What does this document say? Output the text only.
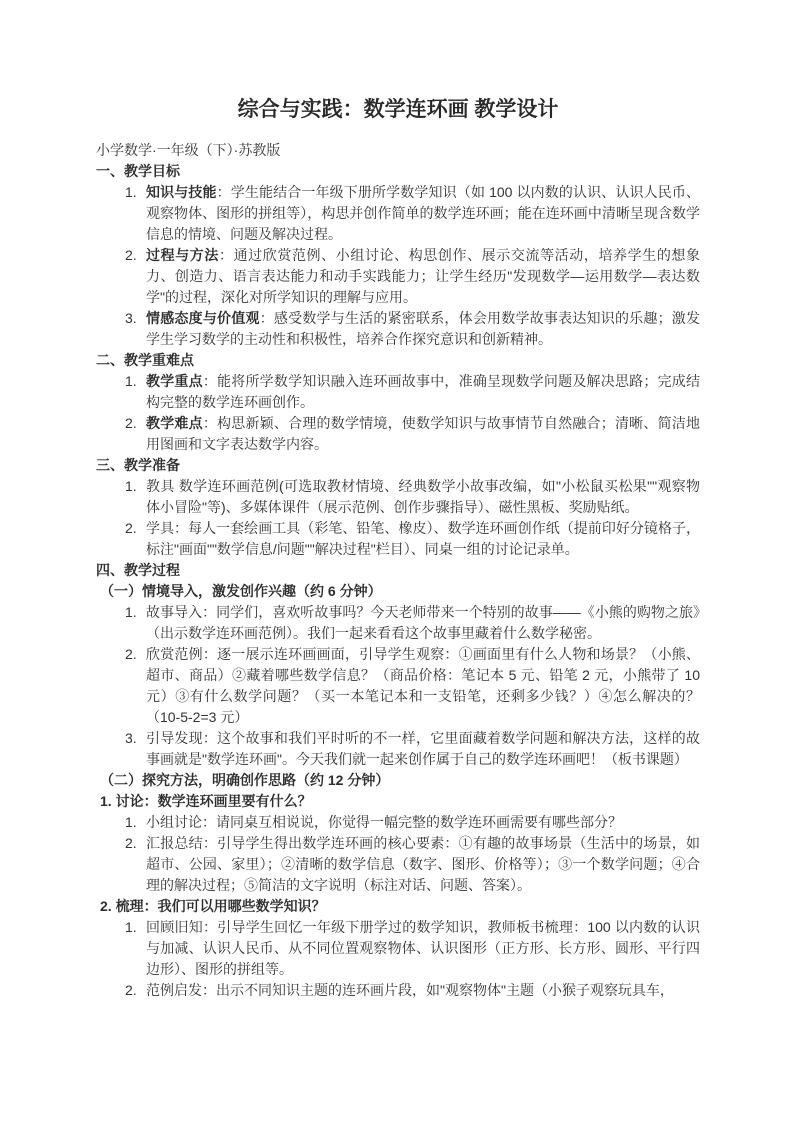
综合与实践：数学连环画 教学设计

小学数学·一年级（下）·苏教版

一、教学目标
1. 知识与技能：学生能结合一年级下册所学数学知识（如 100 以内数的认识、认识人民币、观察物体、图形的拼组等），构思并创作简单的数学连环画；能在连环画中清晰呈现含数学信息的情境、问题及解决过程。

2. 过程与方法：通过欣赏范例、小组讨论、构思创作、展示交流等活动，培养学生的想象力、创造力、语言表达能力和动手实践能力；让学生经历"发现数学—运用数学—表达数学"的过程，深化对所学知识的理解与应用。

3. 情感态度与价值观：感受数学与生活的紧密联系，体会用数学故事表达知识的乐趣；激发学生学习数学的主动性和积极性，培养合作探究意识和创新精神。

二、教学重难点
1. 教学重点：能将所学数学知识融入连环画故事中，准确呈现数学问题及解决思路；完成结构完整的数学连环画创作。

2. 教学难点：构思新颖、合理的数学情境，使数学知识与故事情节自然融合；清晰、简洁地用图画和文字表达数学内容。

三、教学准备
1. 教具 数学连环画范例(可选取教材情境、经典数学小故事改编，如"小松鼠买松果""观察物体小冒险"等)、多媒体课件（展示范例、创作步骤指导）、磁性黑板、奖励贴纸。

2. 学具：每人一套绘画工具（彩笔、铅笔、橡皮）、数学连环画创作纸（提前印好分镜格子，标注"画面""数学信息/问题""解决过程"栏目）、同桌一组的讨论记录单。

四、教学过程
（一）情境导入，激发创作兴趣（约 6 分钟）
1. 故事导入：同学们，喜欢听故事吗？今天老师带来一个特别的故事——《小熊的购物之旅》（出示数学连环画范例）。我们一起来看看这个故事里藏着什么数学秘密。

2. 欣赏范例：逐一展示连环画画面，引导学生观察：①画面里有什么人物和场景？（小熊、超市、商品）②藏着哪些数学信息？（商品价格：笔记本 5 元、铅笔 2 元，小熊带了 10 元）③有什么数学问题？（买一本笔记本和一支铅笔，还剩多少钱？）④怎么解决的？（10-5-2=3 元）

3. 引导发现：这个故事和我们平时听的不一样，它里面藏着数学问题和解决方法，这样的故事画就是"数学连环画"。今天我们就一起来创作属于自己的数学连环画吧！（板书课题）

（二）探究方法，明确创作思路（约 12 分钟）
1. 讨论：数学连环画里要有什么？
1. 小组讨论：请同桌互相说说，你觉得一幅完整的数学连环画需要有哪些部分？

2. 汇报总结：引导学生得出数学连环画的核心要素：①有趣的故事场景（生活中的场景，如超市、公园、家里）；②清晰的数学信息（数字、图形、价格等）；③一个数学问题；④合理的解决过程；⑤简洁的文字说明（标注对话、问题、答案）。

2. 梳理：我们可以用哪些数学知识？
1. 回顾旧知：引导学生回忆一年级下册学过的数学知识，教师板书梳理：100 以内数的认识与加减、认识人民币、从不同位置观察物体、认识图形（正方形、长方形、圆形、平行四边形）、图形的拼组等。

2. 范例启发：出示不同知识主题的连环画片段，如"观察物体"主题（小猴子观察玩具车，
